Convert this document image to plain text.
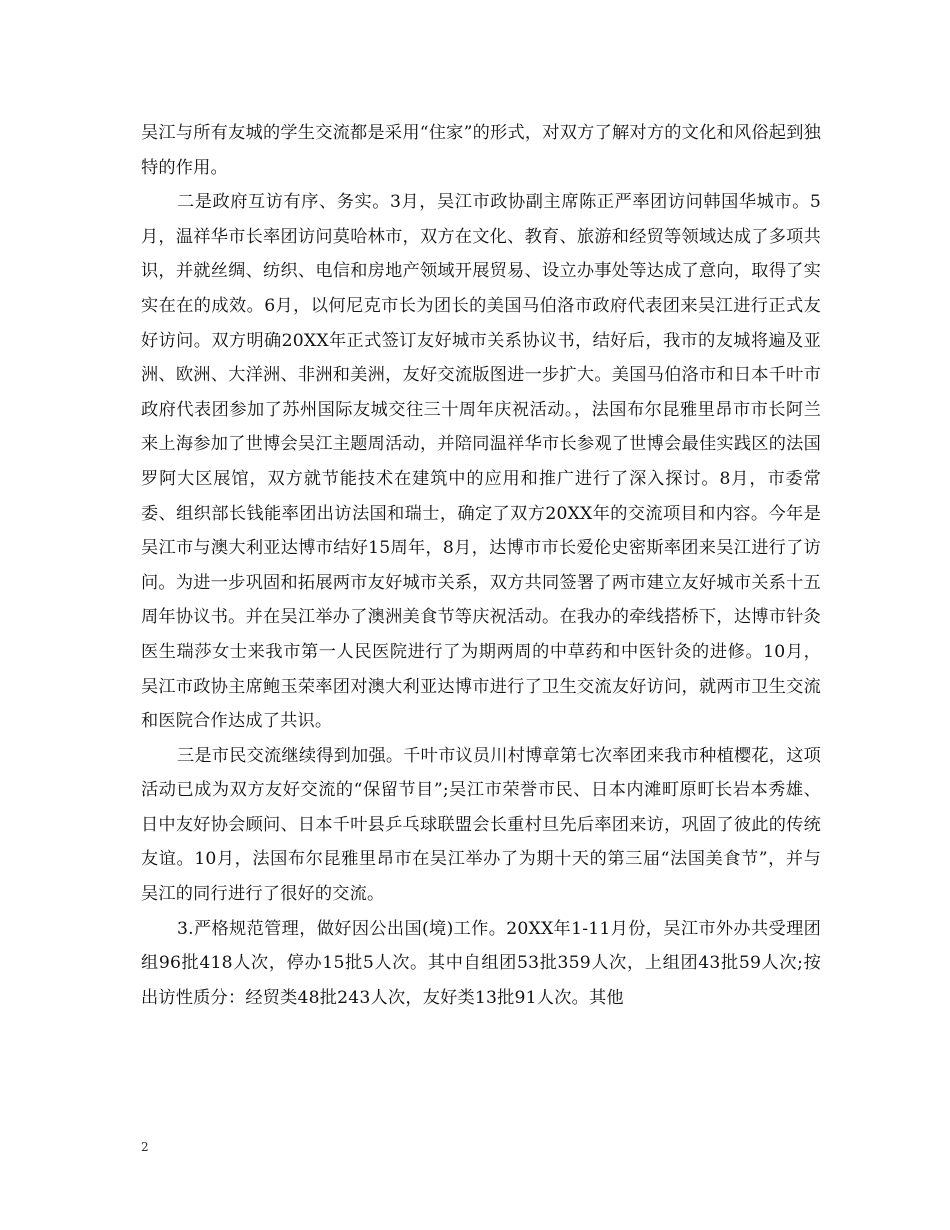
吴江与所有友城的学生交流都是采用“住家”的形式，对双方了解对方的文化和风俗起到独特的作用。

二是政府互访有序、务实。3月，吴江市政协副主席陈正严率团访问韩国华城市。5月，温祥华市长率团访问莫哈林市，双方在文化、教育、旅游和经贸等领域达成了多项共识，并就丝绸、纺织、电信和房地产领域开展贸易、设立办事处等达成了意向，取得了实实在在的成效。6月，以何尼克市长为团长的美国马伯洛市政府代表团来吴江进行正式友好访问。双方明确20XX年正式签订友好城市关系协议书，结好后，我市的友城将遍及亚洲、欧洲、大洋洲、非洲和美洲，友好交流版图进一步扩大。美国马伯洛市和日本千叶市政府代表团参加了苏州国际友城交往三十周年庆祝活动。，法国布尔昆雅里昂市市长阿兰来上海参加了世博会吴江主题周活动，并陪同温祥华市长参观了世博会最佳实践区的法国罗阿大区展馆，双方就节能技术在建筑中的应用和推广进行了深入探讨。8月，市委常委、组织部长钱能率团出访法国和瑞士，确定了双方20XX年的交流项目和内容。今年是吴江市与澳大利亚达博市结好15周年，8月，达博市市长爱伦史密斯率团来吴江进行了访问。为进一步巩固和拓展两市友好城市关系，双方共同签署了两市建立友好城市关系十五周年协议书。并在吴江举办了澳洲美食节等庆祝活动。在我办的牵线搭桥下，达博市针灸医生瑞莎女士来我市第一人民医院进行了为期两周的中草药和中医针灸的进修。10月，吴江市政协主席鲍玉荣率团对澳大利亚达博市进行了卫生交流友好访问，就两市卫生交流和医院合作达成了共识。

三是市民交流继续得到加强。千叶市议员川村博章第七次率团来我市种植樱花，这项活动已成为双方友好交流的“保留节目”;吴江市荣誉市民、日本内滩町原町长岩本秀雄、日中友好协会顾问、日本千叶县乒乓球联盟会长重村旦先后率团来访，巩固了彼此的传统友谊。10月，法国布尔昆雅里昂市在吴江举办了为期十天的第三届“法国美食节”，并与吴江的同行进行了很好的交流。

3.严格规范管理，做好因公出国(境)工作。20XX年1-11月份，吴江市外办共受理团组96批418人次，停办15批5人次。其中自组团53批359人次，上组团43批59人次;按出访性质分：经贸类48批243人次，友好类13批91人次。其他

2
